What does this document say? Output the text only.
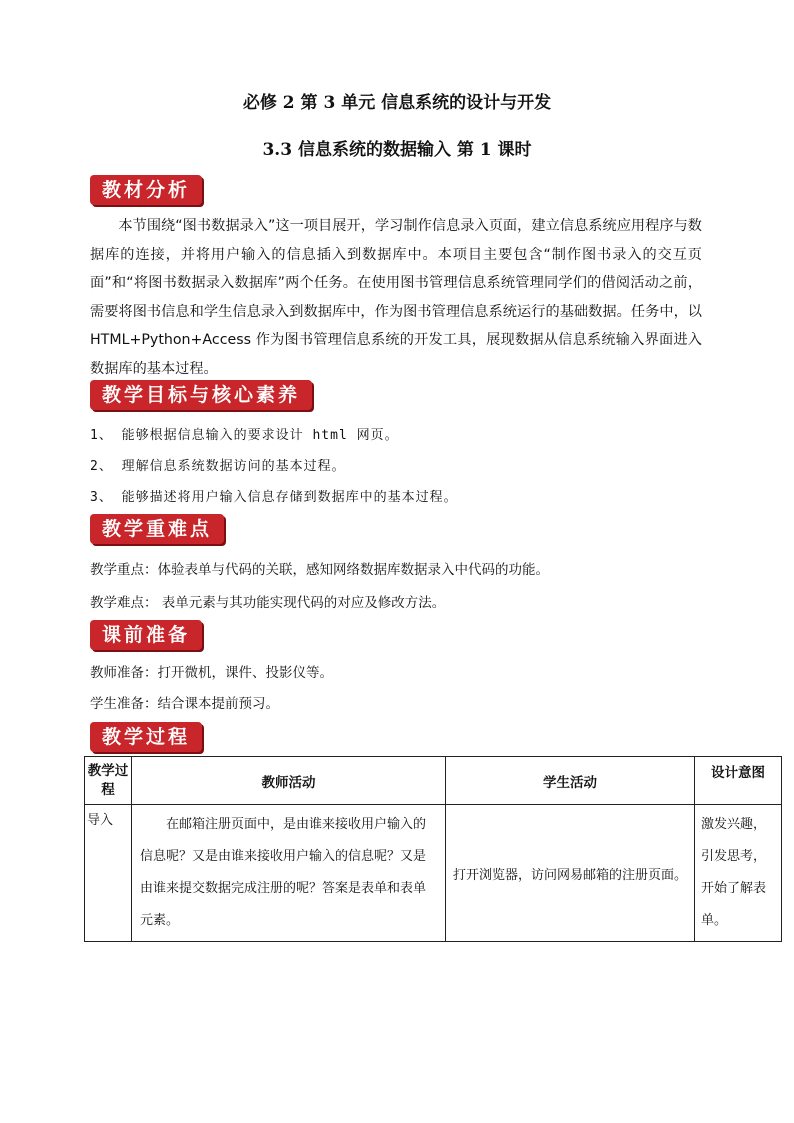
必修 2 第 3 单元 信息系统的设计与开发
3.3 信息系统的数据输入 第 1 课时
教材分析
本节围绕“图书数据录入”这一项目展开，学习制作信息录入页面，建立信息系统应用程序与数据库的连接，并将用户输入的信息插入到数据库中。本项目主要包含“制作图书录入的交互页面”和“将图书数据录入数据库”两个任务。在使用图书管理信息系统管理同学们的借阅活动之前，需要将图书信息和学生信息录入到数据库中，作为图书管理信息系统运行的基础数据。任务中，以 HTML+Python+Access 作为图书管理信息系统的开发工具，展现数据从信息系统输入界面进入数据库的基本过程。
教学目标与核心素养
1、 能够根据信息输入的要求设计 html 网页。
2、 理解信息系统数据访问的基本过程。
3、 能够描述将用户输入信息存储到数据库中的基本过程。
教学重难点
教学重点：体验表单与代码的关联，感知网络数据库数据录入中代码的功能。
教学难点： 表单元素与其功能实现代码的对应及修改方法。
课前准备
教师准备：打开微机，课件、投影仪等。
学生准备：结合课本提前预习。
教学过程
教学过程	教师活动	学生活动	设计意图
导入	在邮箱注册页面中，是由谁来接收用户输入的信息呢？又是由谁来接收用户输入的信息呢？又是由谁来提交数据完成注册的呢？答案是表单和表单元素。	打开浏览器，访问网易邮箱的注册页面。	激发兴趣，引发思考，开始了解表单。
